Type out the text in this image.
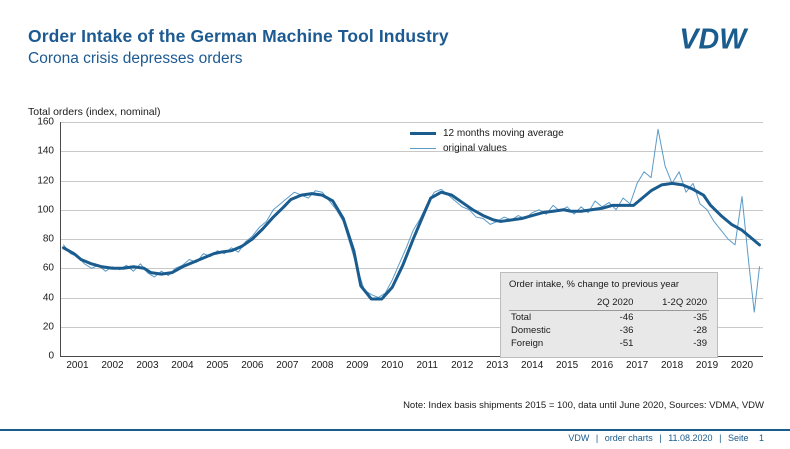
Order Intake of the German Machine Tool Industry
Corona crisis depresses orders
VDW
Total orders (index, nominal)
0
20
40
60
80
100
120
140
160
2001 2002 2003 2004 2005 2006 2007 2008 2009 2010 2011 2012 2013 2014 2015 2016 2017 2018 2019 2020
12 months moving average
original values
Order intake, % change to previous year
	2Q 2020	1-2Q 2020
Total	-46	-35
Domestic	-36	-28
Foreign	-51	-39
Note: Index basis shipments 2015 = 100, data until June 2020, Sources: VDMA, VDW
VDW | order charts | 11.08.2020 | Seite 1
